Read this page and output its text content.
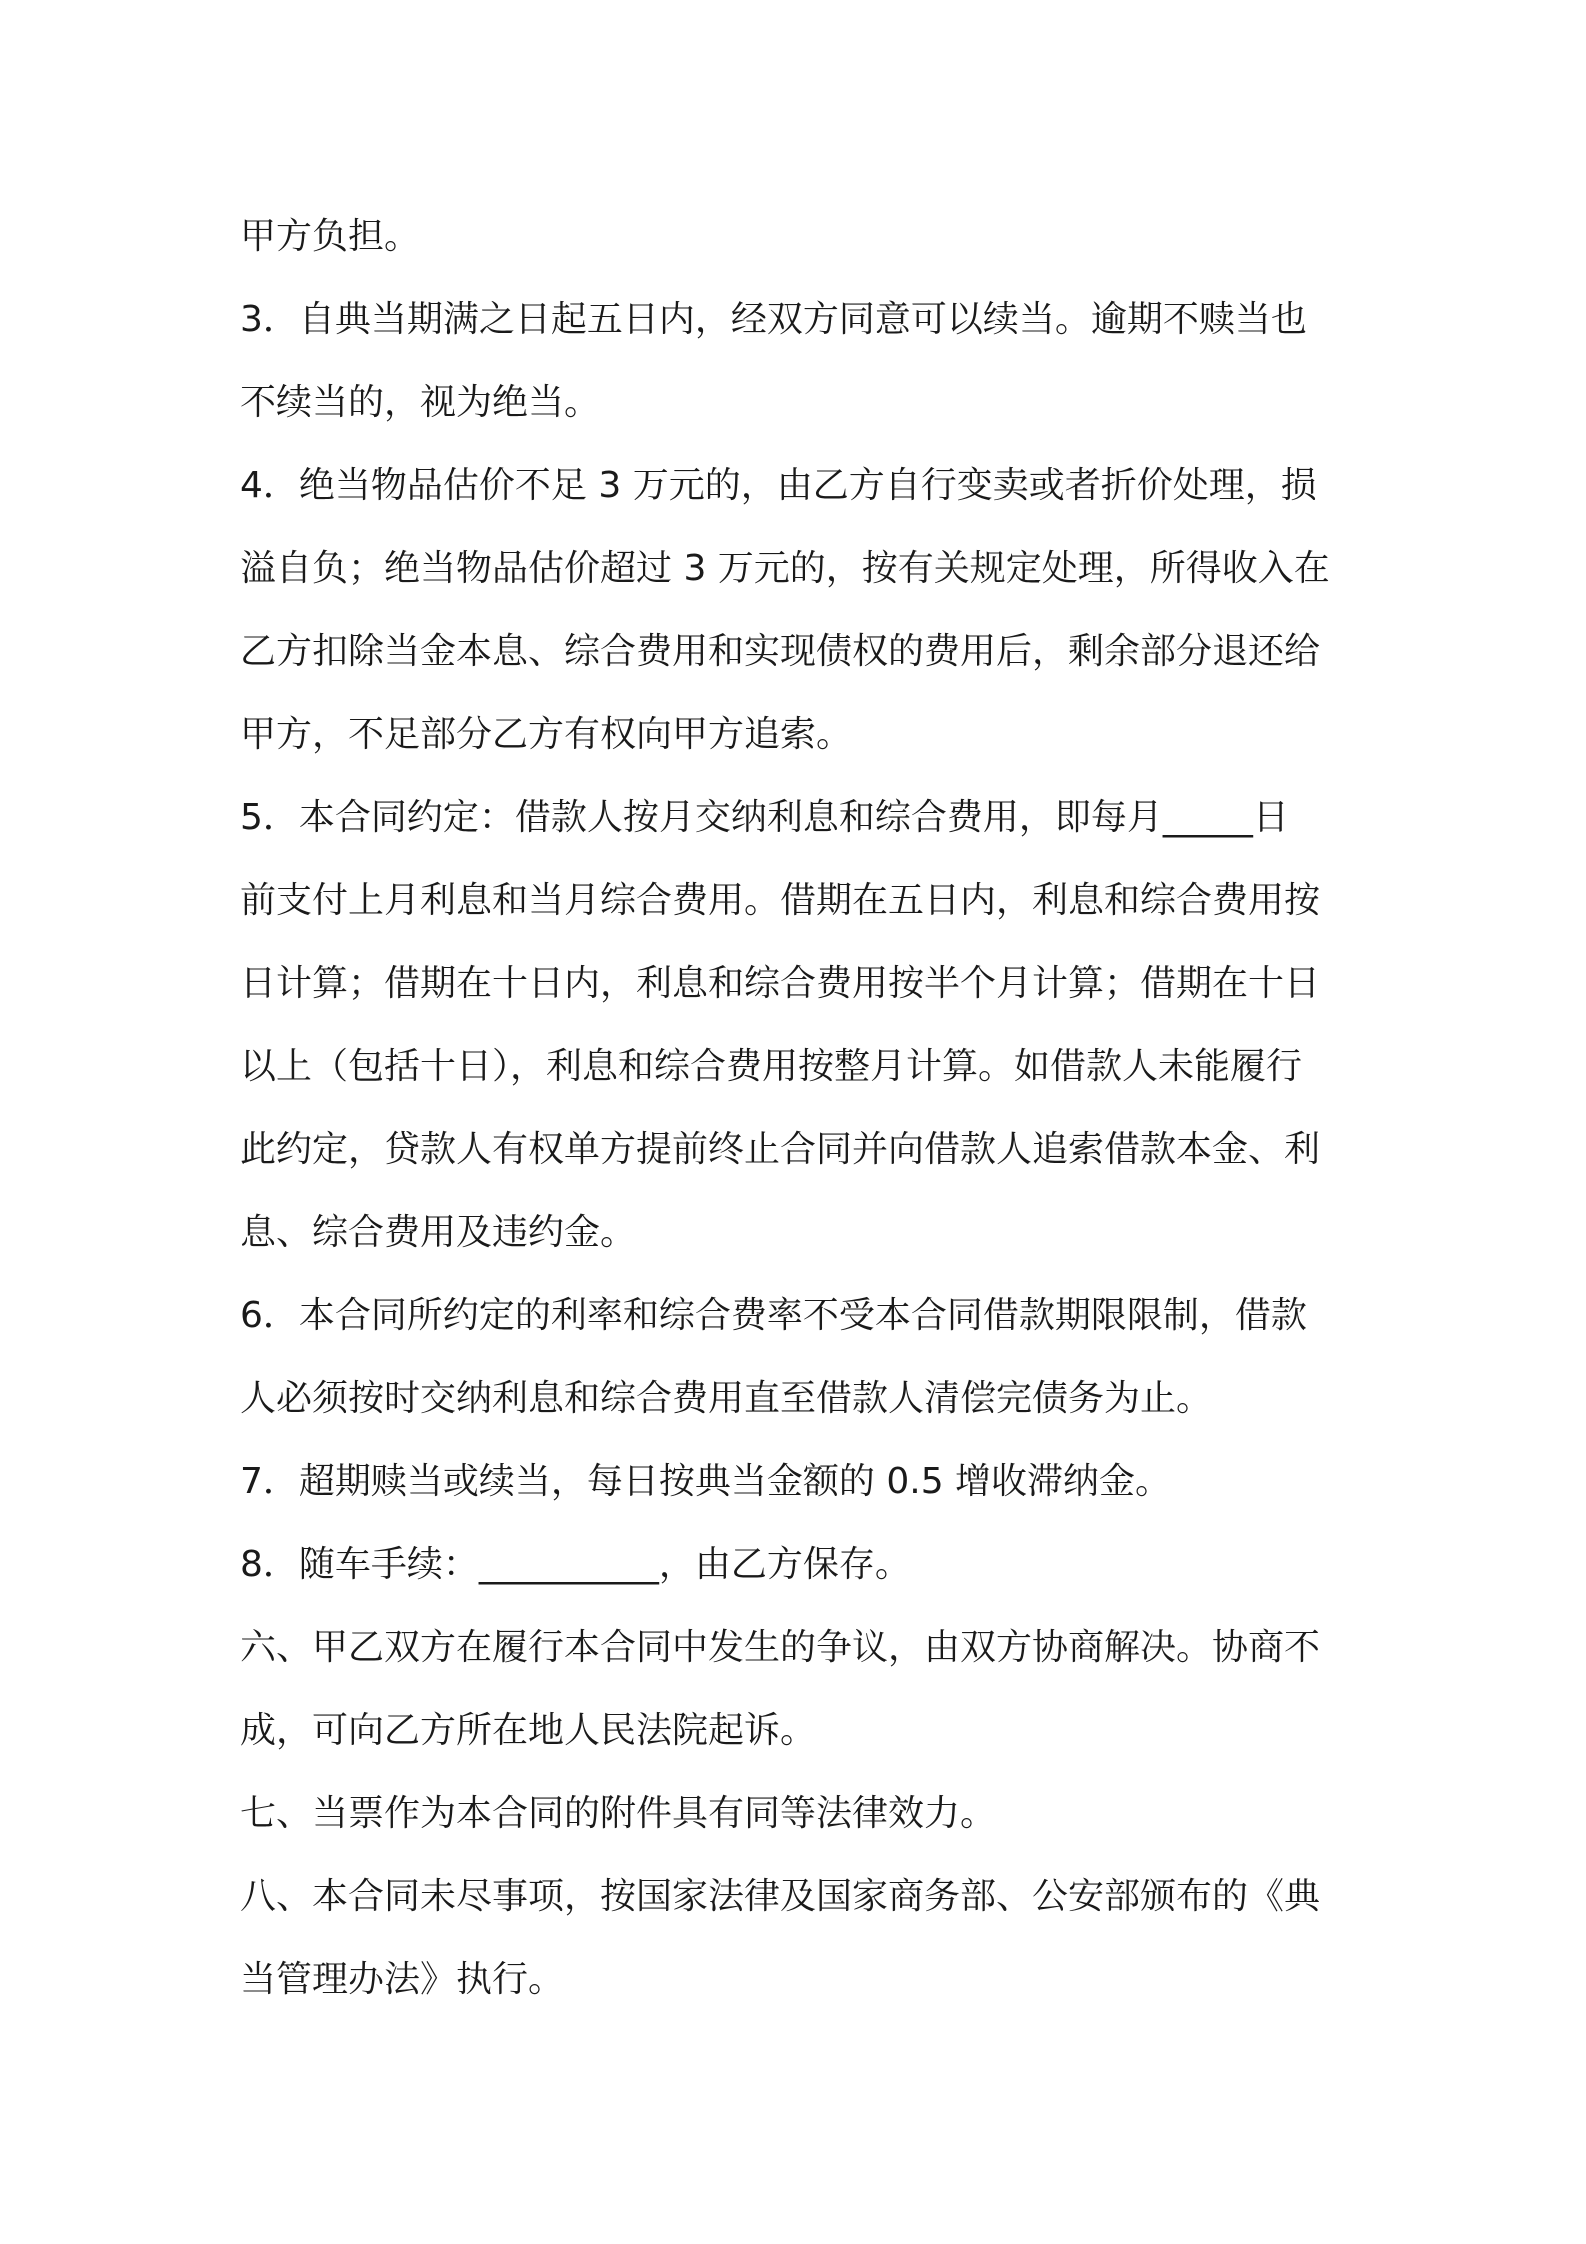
甲方负担。
3．自典当期满之日起五日内，经双方同意可以续当。逾期不赎当也
不续当的，视为绝当。
4．绝当物品估价不足 3 万元的，由乙方自行变卖或者折价处理，损
溢自负；绝当物品估价超过 3 万元的，按有关规定处理，所得收入在
乙方扣除当金本息、综合费用和实现债权的费用后，剩余部分退还给
甲方，不足部分乙方有权向甲方追索。
5．本合同约定：借款人按月交纳利息和综合费用，即每月_____日
前支付上月利息和当月综合费用。借期在五日内，利息和综合费用按
日计算；借期在十日内，利息和综合费用按半个月计算；借期在十日
以上（包括十日），利息和综合费用按整月计算。如借款人未能履行
此约定，贷款人有权单方提前终止合同并向借款人追索借款本金、利
息、综合费用及违约金。
6．本合同所约定的利率和综合费率不受本合同借款期限限制，借款
人必须按时交纳利息和综合费用直至借款人清偿完债务为止。
7．超期赎当或续当，每日按典当金额的 0.5 增收滞纳金。
8．随车手续：__________，由乙方保存。
六、甲乙双方在履行本合同中发生的争议，由双方协商解决。协商不
成，可向乙方所在地人民法院起诉。
七、当票作为本合同的附件具有同等法律效力。
八、本合同未尽事项，按国家法律及国家商务部、公安部颁布的《典
当管理办法》执行。
